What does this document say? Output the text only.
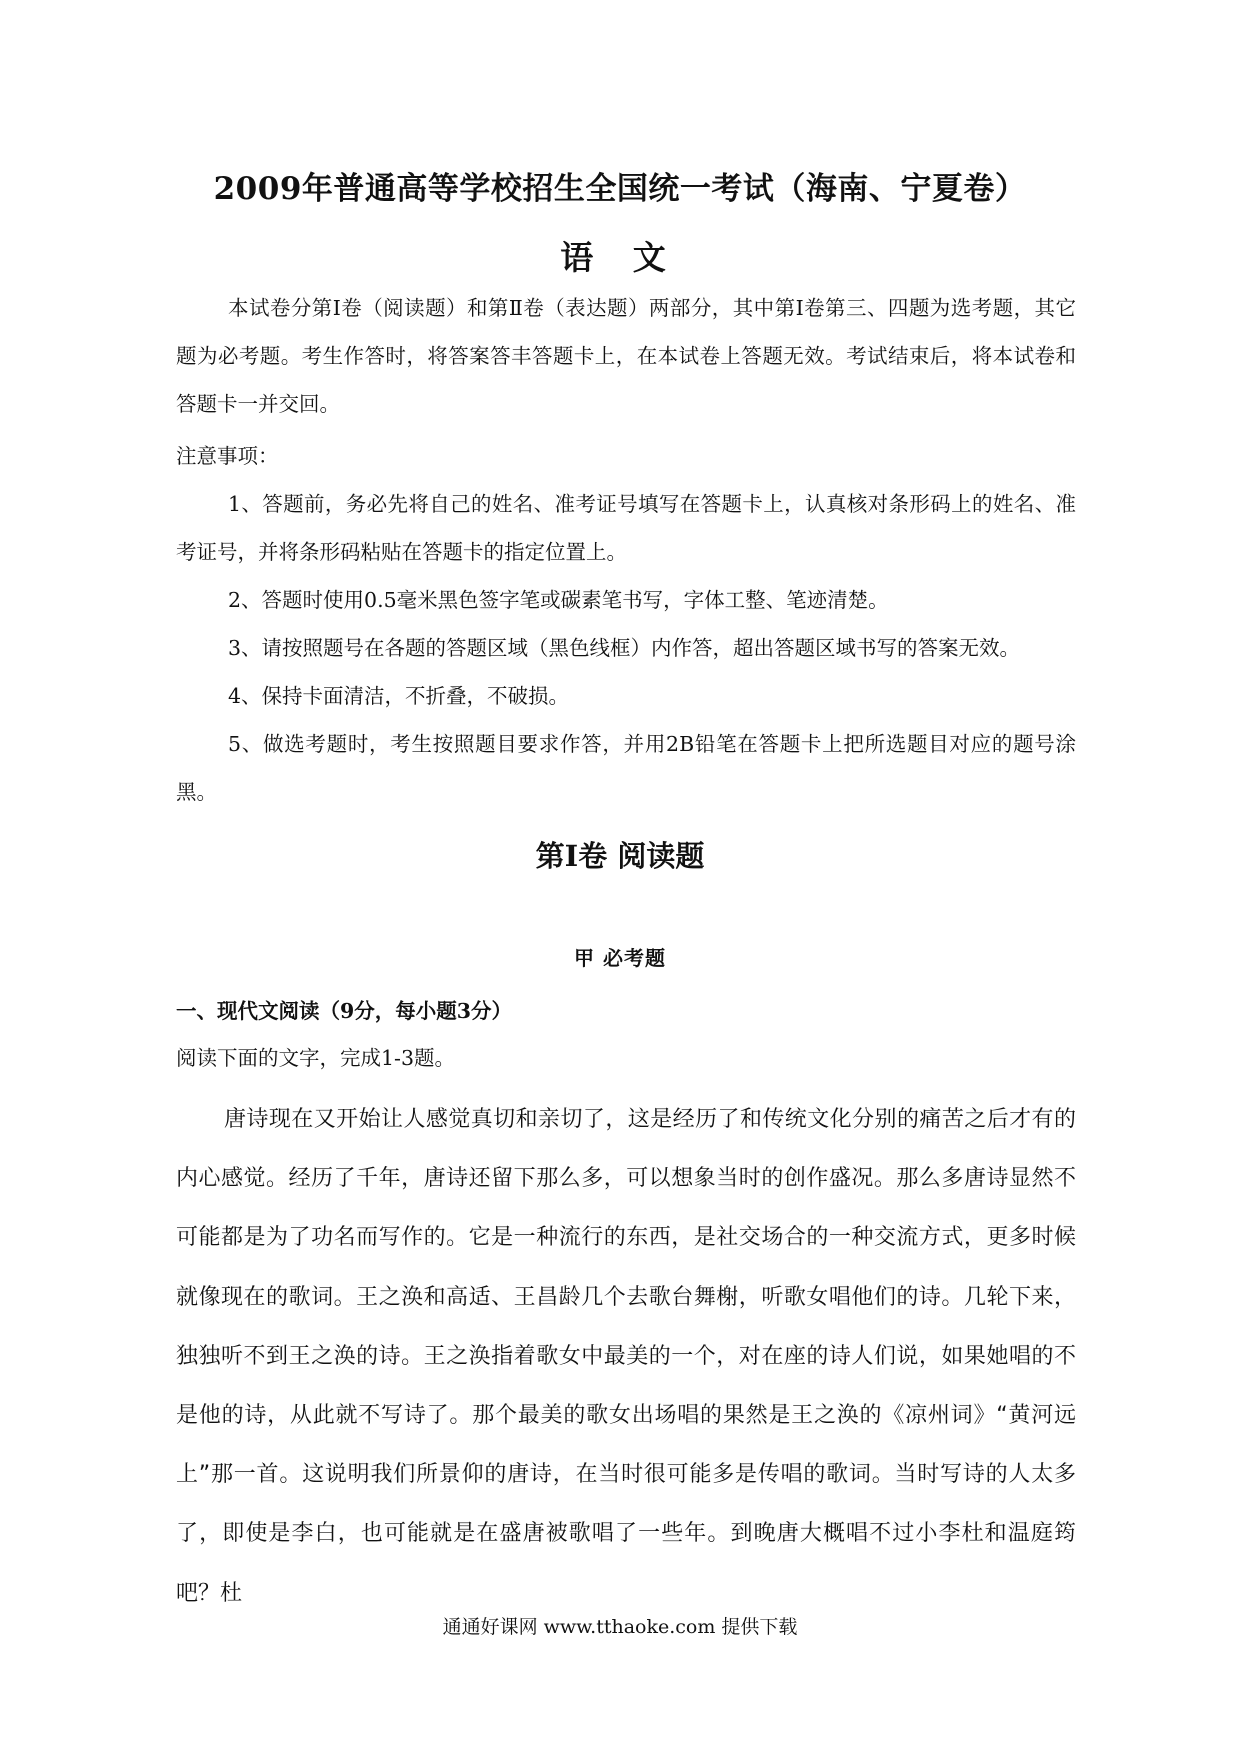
2009年普通高等学校招生全国统一考试（海南、宁夏卷）
语 文

本试卷分第Ⅰ卷（阅读题）和第Ⅱ卷（表达题）两部分，其中第Ⅰ卷第三、四题为选考题，其它题为必考题。考生作答时，将答案答丰答题卡上，在本试卷上答题无效。考试结束后，将本试卷和答题卡一并交回。

注意事项：

1、答题前，务必先将自己的姓名、准考证号填写在答题卡上，认真核对条形码上的姓名、准考证号，并将条形码粘贴在答题卡的指定位置上。

2、答题时使用0.5毫米黑色签字笔或碳素笔书写，字体工整、笔迹清楚。

3、请按照题号在各题的答题区域（黑色线框）内作答，超出答题区域书写的答案无效。

4、保持卡面清洁，不折叠，不破损。

5、做选考题时，考生按照题目要求作答，并用2B铅笔在答题卡上把所选题目对应的题号涂黑。

第Ⅰ卷 阅读题
甲 必考题
一、现代文阅读（9分，每小题3分）
阅读下面的文字，完成1-3题。

唐诗现在又开始让人感觉真切和亲切了，这是经历了和传统文化分别的痛苦之后才有的内心感觉。经历了千年，唐诗还留下那么多，可以想象当时的创作盛况。那么多唐诗显然不可能都是为了功名而写作的。它是一种流行的东西，是社交场合的一种交流方式，更多时候就像现在的歌词。王之涣和高适、王昌龄几个去歌台舞榭，听歌女唱他们的诗。几轮下来，独独听不到王之涣的诗。王之涣指着歌女中最美的一个，对在座的诗人们说，如果她唱的不是他的诗，从此就不写诗了。那个最美的歌女出场唱的果然是王之涣的《凉州词》“黄河远上”那一首。这说明我们所景仰的唐诗，在当时很可能多是传唱的歌词。当时写诗的人太多了，即使是李白，也可能就是在盛唐被歌唱了一些年。到晚唐大概唱不过小李杜和温庭筠吧？杜

通通好课网 www.tthaoke.com 提供下载
